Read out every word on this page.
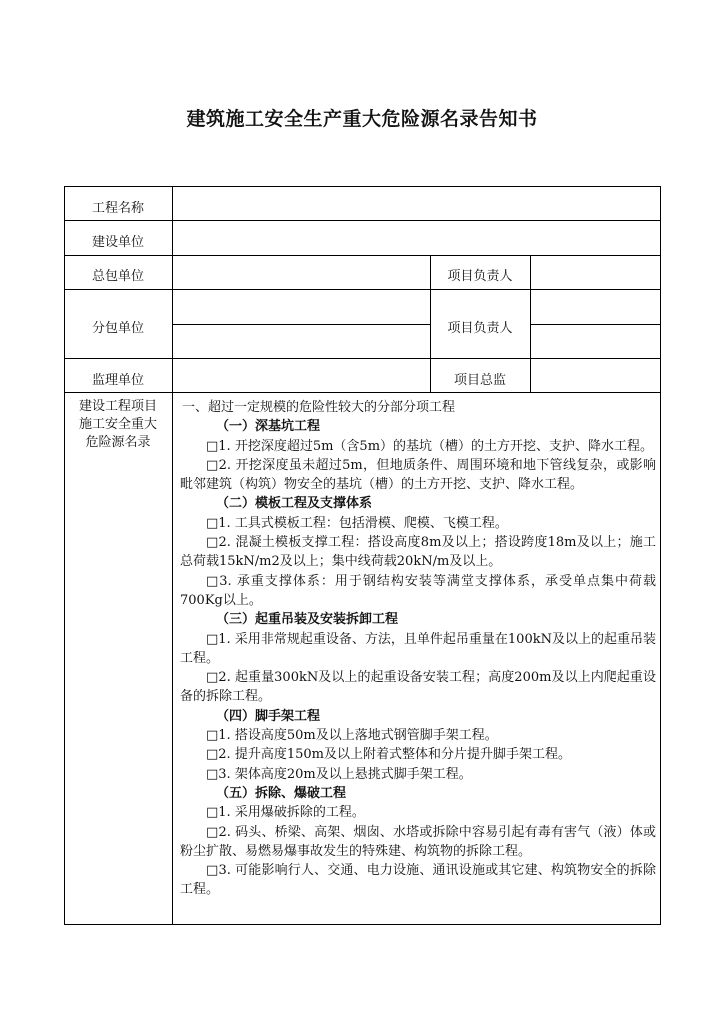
建筑施工安全生产重大危险源名录告知书
工程名称
建设单位
总包单位	项目负责人
分包单位	项目负责人
监理单位	项目总监
建设工程项目施工安全重大危险源名录

一、超过一定规模的危险性较大的分部分项工程

（一）深基坑工程

□1. 开挖深度超过5m（含5m）的基坑（槽）的土方开挖、支护、降水工程。

□2. 开挖深度虽未超过5m，但地质条件、周围环境和地下管线复杂，或影响毗邻建筑（构筑）物安全的基坑（槽）的土方开挖、支护、降水工程。

（二）模板工程及支撑体系

□1. 工具式模板工程：包括滑模、爬模、飞模工程。

□2. 混凝土模板支撑工程：搭设高度8m及以上；搭设跨度18m及以上；施工总荷载15kN/m2及以上；集中线荷载20kN/m及以上。

□3. 承重支撑体系：用于钢结构安装等满堂支撑体系，承受单点集中荷载700Kg以上。

（三）起重吊装及安装拆卸工程

□1. 采用非常规起重设备、方法，且单件起吊重量在100kN及以上的起重吊装工程。

□2. 起重量300kN及以上的起重设备安装工程；高度200m及以上内爬起重设备的拆除工程。

（四）脚手架工程

□1. 搭设高度50m及以上落地式钢管脚手架工程。

□2. 提升高度150m及以上附着式整体和分片提升脚手架工程。

□3. 架体高度20m及以上悬挑式脚手架工程。

（五）拆除、爆破工程

□1. 采用爆破拆除的工程。

□2. 码头、桥梁、高架、烟囱、水塔或拆除中容易引起有毒有害气（液）体或粉尘扩散、易燃易爆事故发生的特殊建、构筑物的拆除工程。

□3. 可能影响行人、交通、电力设施、通讯设施或其它建、构筑物安全的拆除工程。
